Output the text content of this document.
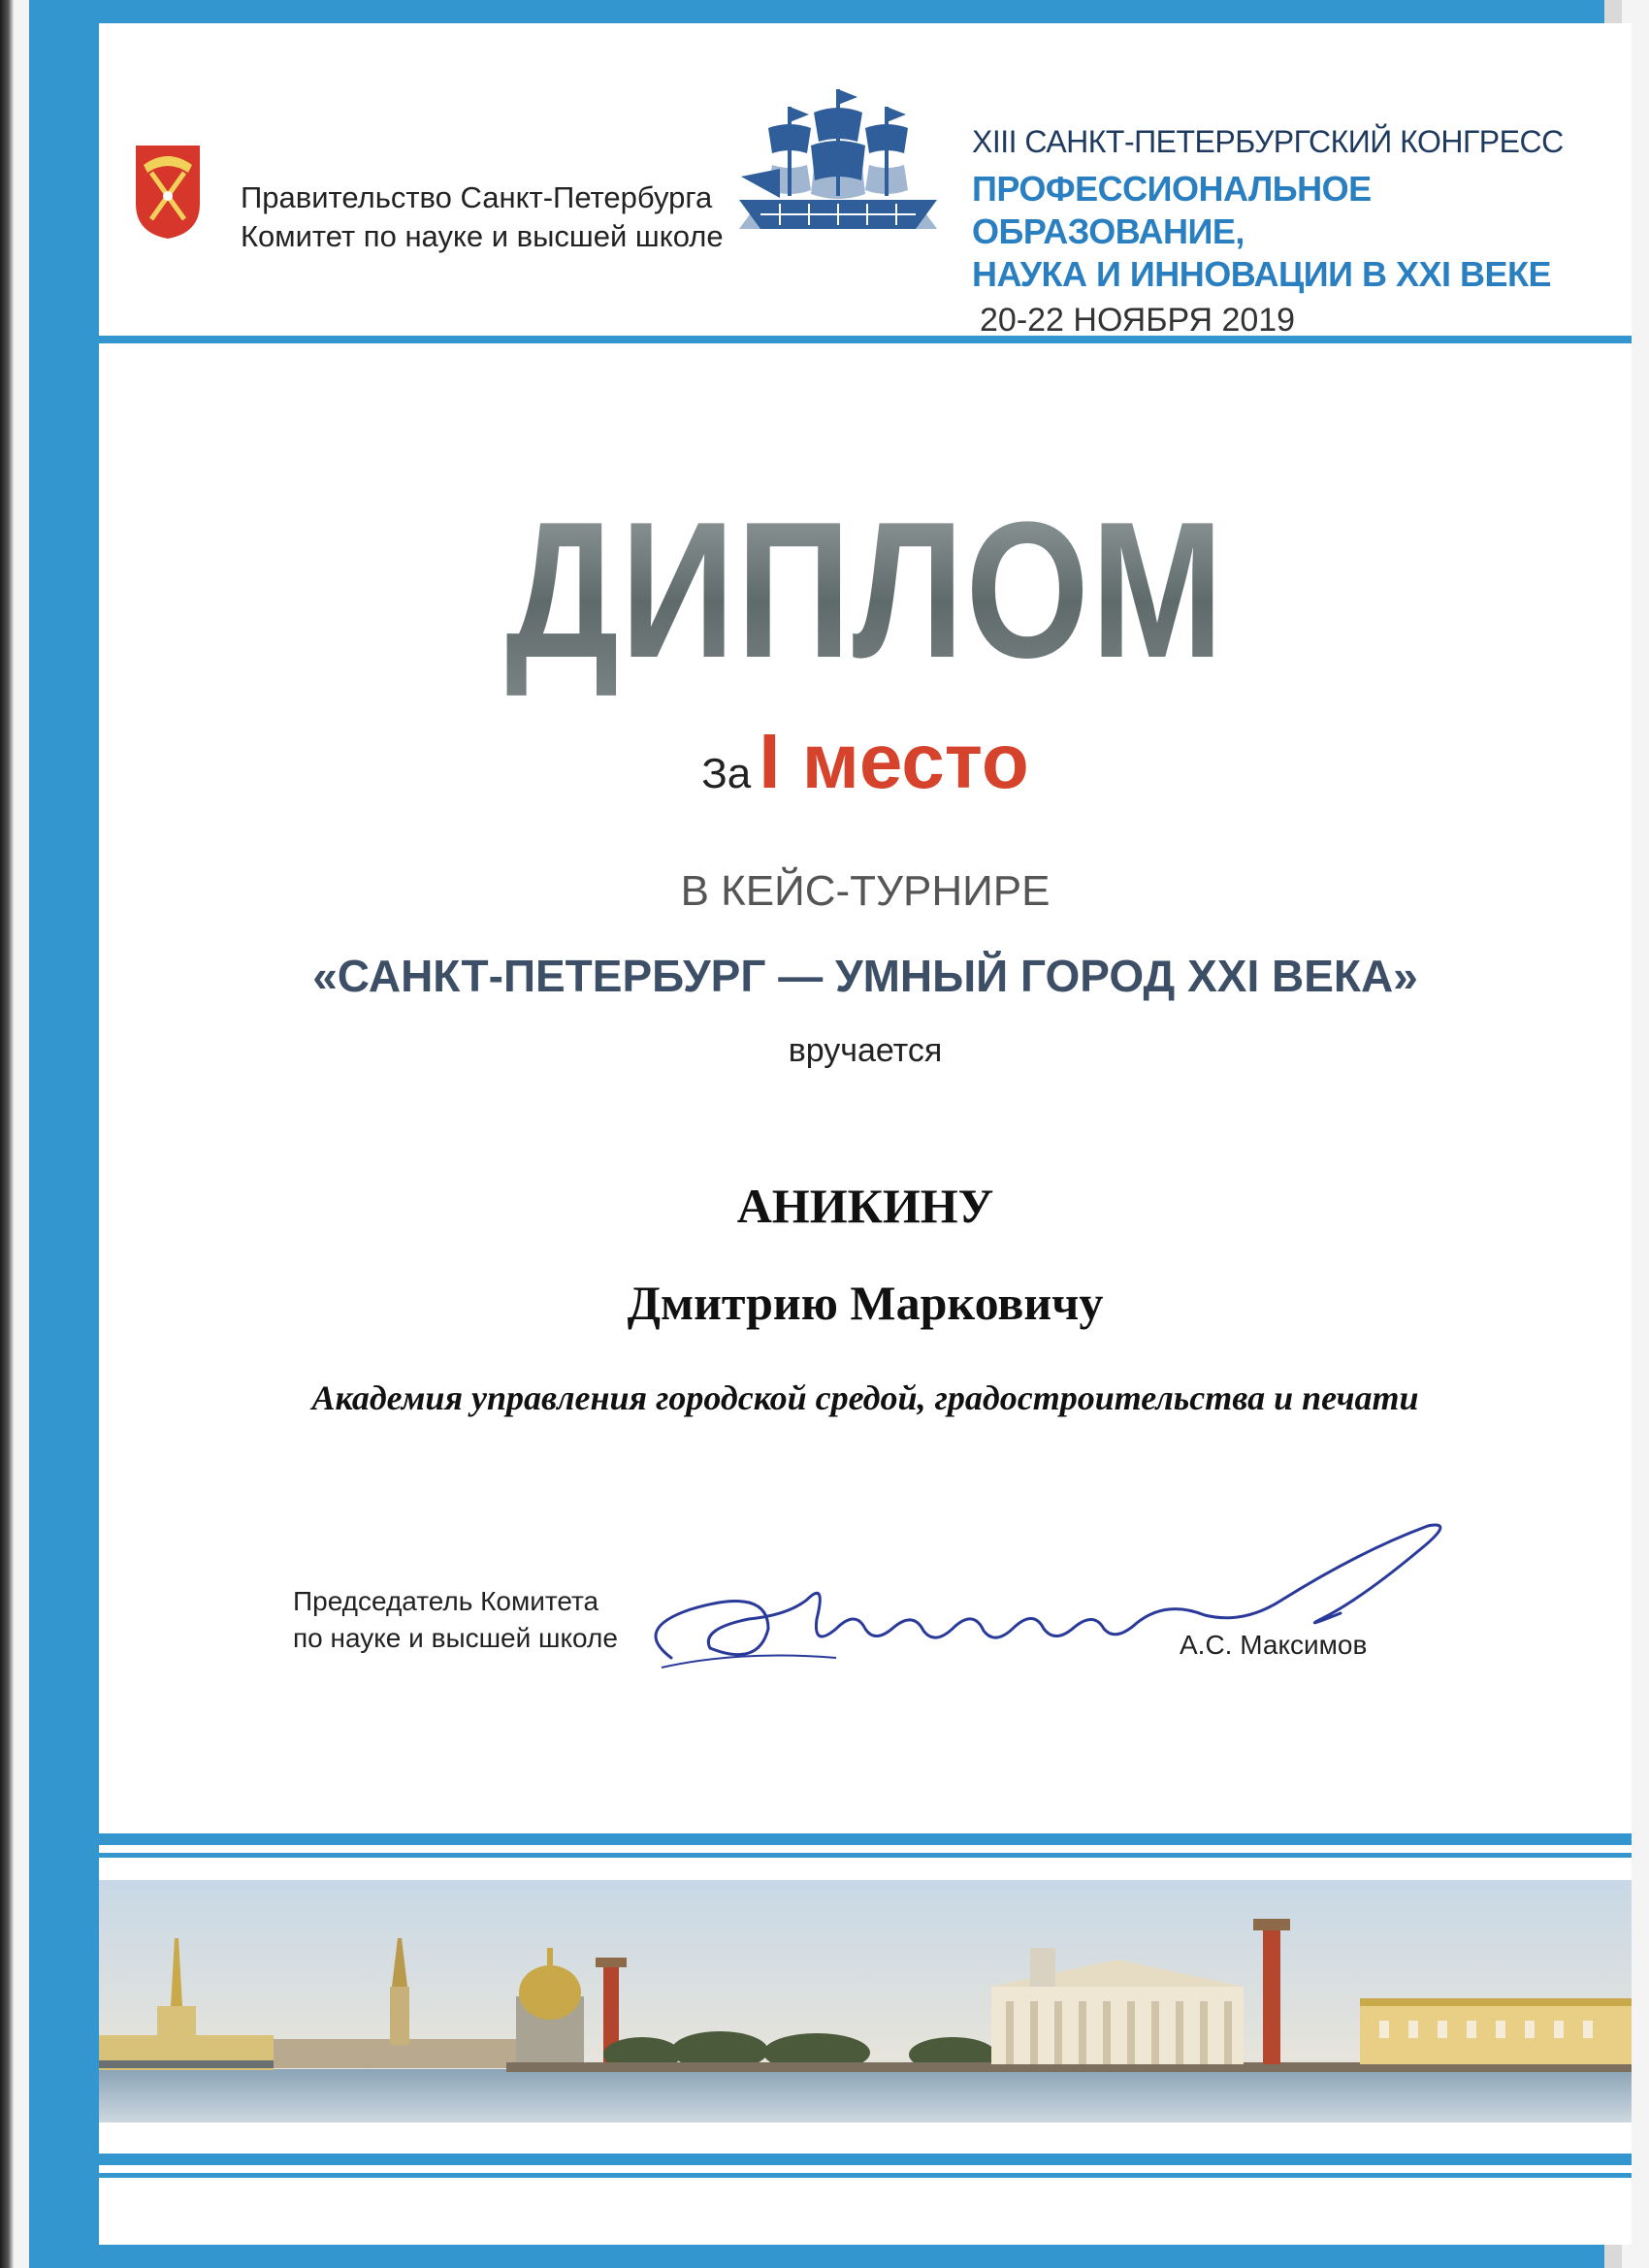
Правительство Санкт-Петербурга
Комитет по науке и высшей школе
XIII САНКТ-ПЕТЕРБУРГСКИЙ КОНГРЕСС
ПРОФЕССИОНАЛЬНОЕ ОБРАЗОВАНИЕ,
НАУКА И ИННОВАЦИИ В XXI ВЕКЕ
20-22 НОЯБРЯ 2019
ДИПЛОМ
За I место
В КЕЙС-ТУРНИРЕ
«САНКТ-ПЕТЕРБУРГ — УМНЫЙ ГОРОД XXI ВЕКА»
вручается
АНИКИНУ
Дмитрию Марковичу
Академия управления городской средой, градостроительства и печати
Председатель Комитета
по науке и высшей школе	А.С. Максимов
